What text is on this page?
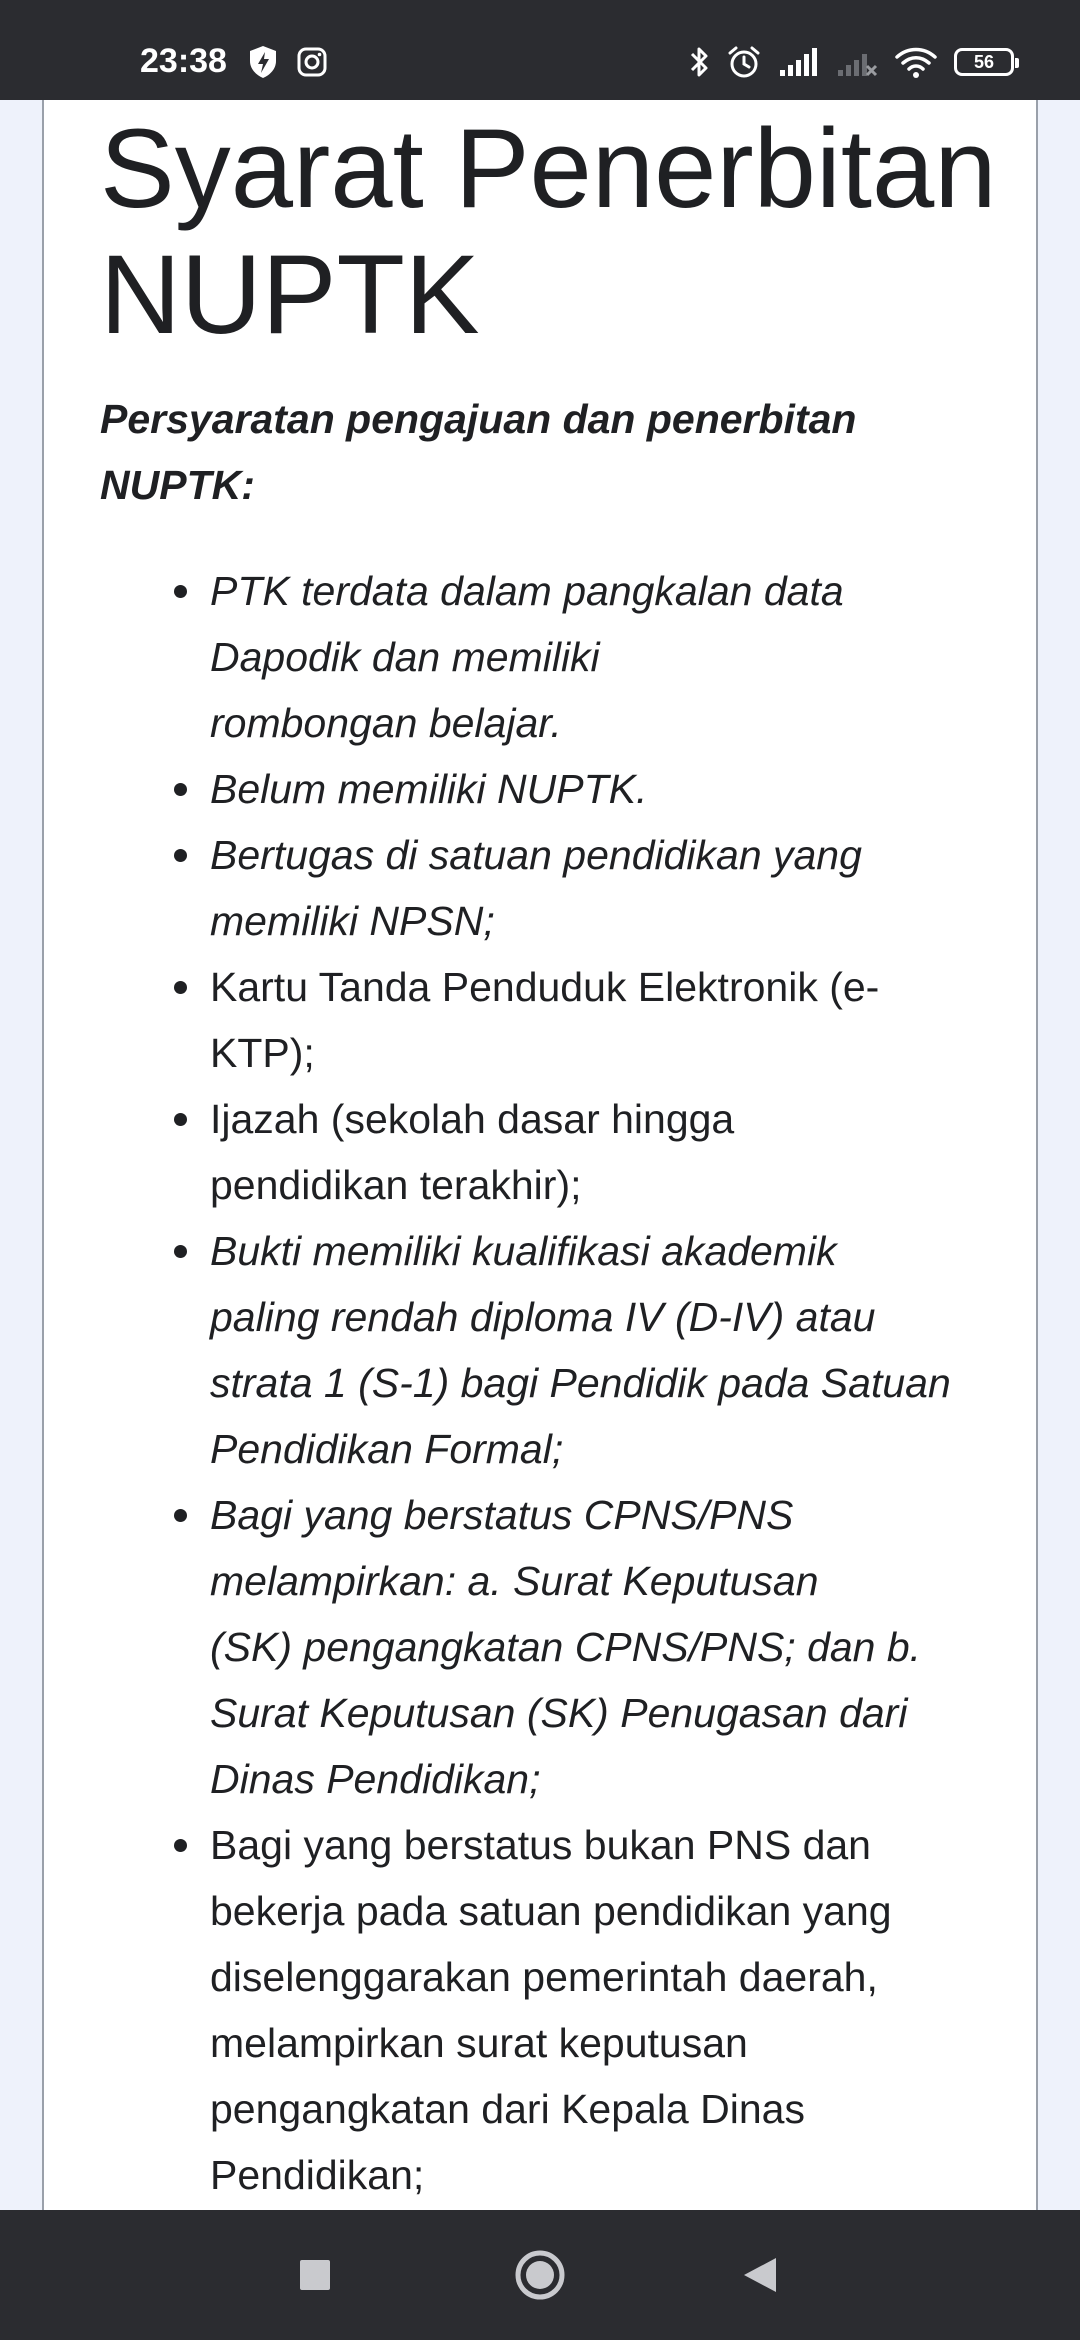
23:38	56
Syarat Penerbitan
NUPTK

Persyaratan pengajuan dan penerbitan
NUPTK:

PTK terdata dalam pangkalan data
Dapodik dan memiliki
rombongan belajar.
Belum memiliki NUPTK.
Bertugas di satuan pendidikan yang
memiliki NPSN;
Kartu Tanda Penduduk Elektronik (e-
KTP);
Ijazah (sekolah dasar hingga
pendidikan terakhir);
Bukti memiliki kualifikasi akademik
paling rendah diploma IV (D-IV) atau
strata 1 (S-1) bagi Pendidik pada Satuan
Pendidikan Formal;
Bagi yang berstatus CPNS/PNS
melampirkan: a. Surat Keputusan
(SK) pengangkatan CPNS/PNS; dan b.
Surat Keputusan (SK) Penugasan dari
Dinas Pendidikan;
Bagi yang berstatus bukan PNS dan
bekerja pada satuan pendidikan yang
diselenggarakan pemerintah daerah,
melampirkan surat keputusan
pengangkatan dari Kepala Dinas
Pendidikan;
